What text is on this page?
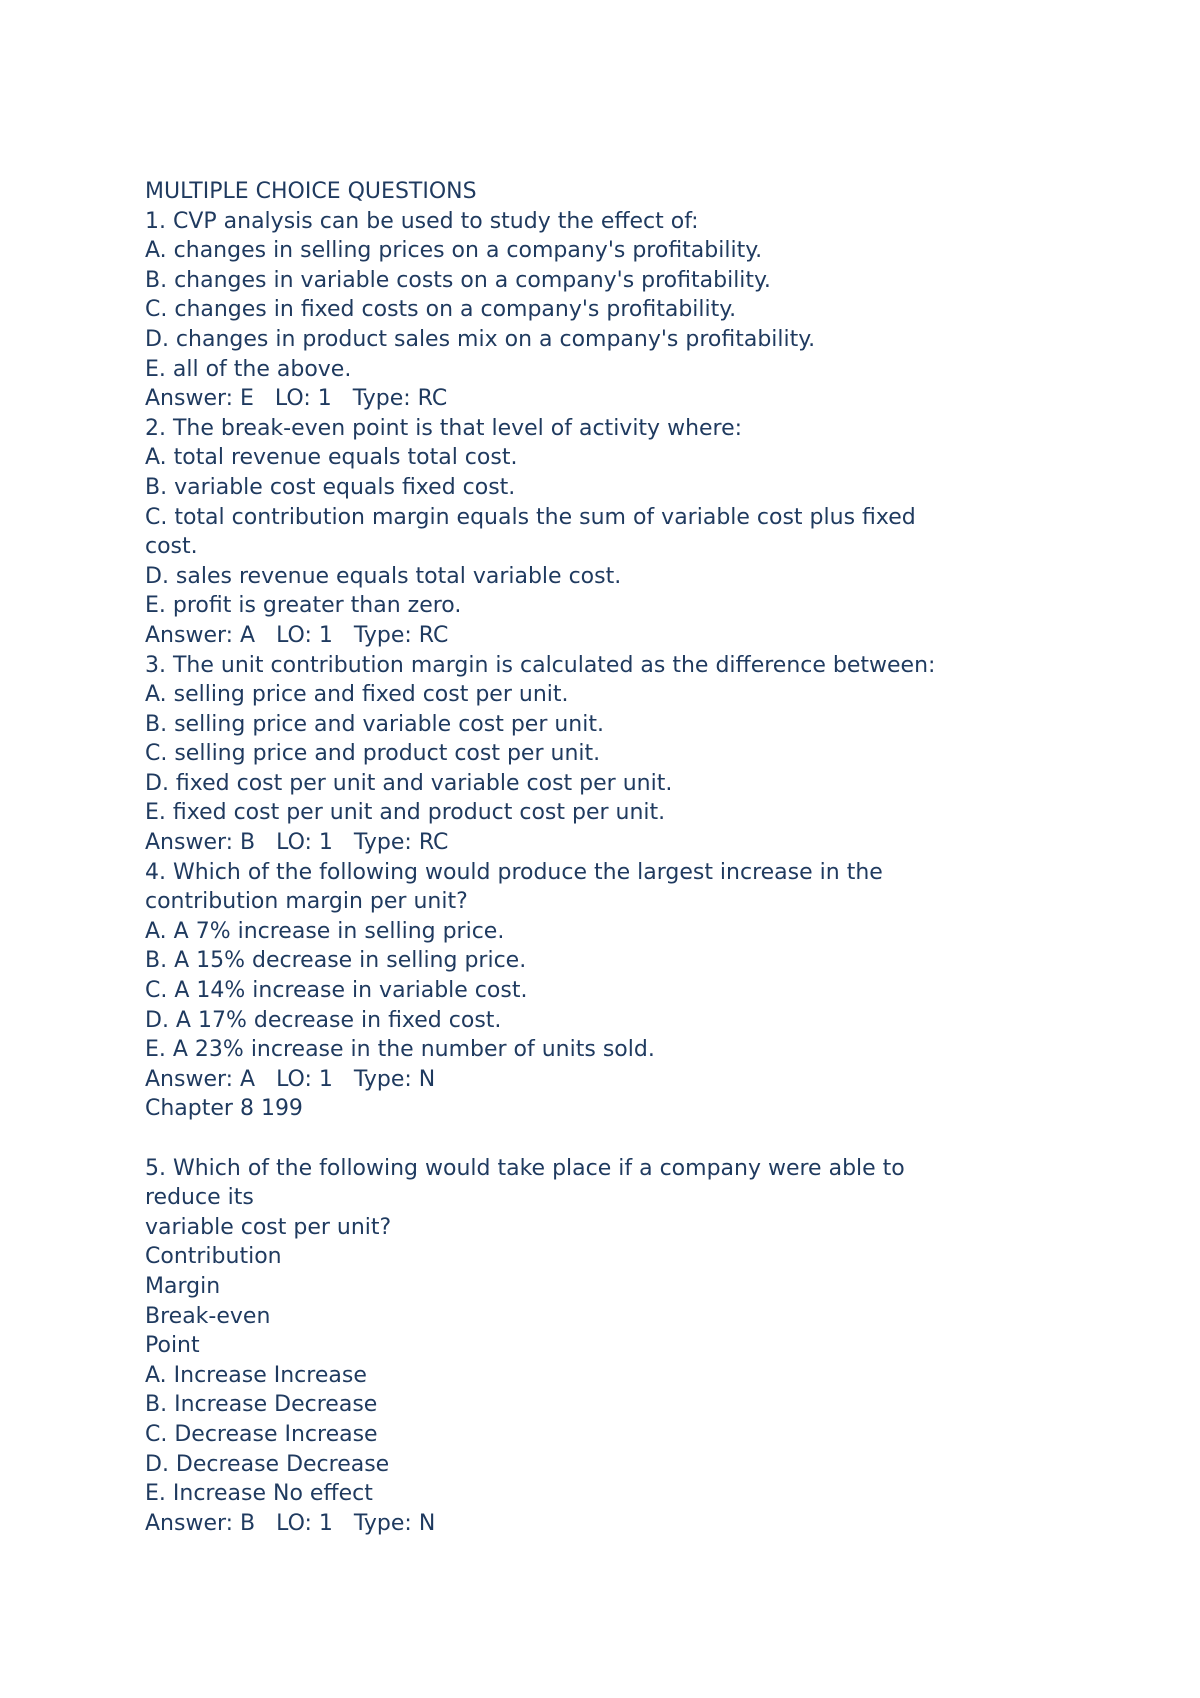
MULTIPLE CHOICE QUESTIONS

1. CVP analysis can be used to study the effect of:

A. changes in selling prices on a company's profitability.

B. changes in variable costs on a company's profitability.

C. changes in fixed costs on a company's profitability.

D. changes in product sales mix on a company's profitability.

E. all of the above.

Answer: E   LO: 1   Type: RC

2. The break-even point is that level of activity where:

A. total revenue equals total cost.

B. variable cost equals fixed cost.

C. total contribution margin equals the sum of variable cost plus fixed

cost.

D. sales revenue equals total variable cost.

E. profit is greater than zero.

Answer: A   LO: 1   Type: RC

3. The unit contribution margin is calculated as the difference between:

A. selling price and fixed cost per unit.

B. selling price and variable cost per unit.

C. selling price and product cost per unit.

D. fixed cost per unit and variable cost per unit.

E. fixed cost per unit and product cost per unit.

Answer: B   LO: 1   Type: RC

4. Which of the following would produce the largest increase in the

contribution margin per unit?

A. A 7% increase in selling price.

B. A 15% decrease in selling price.

C. A 14% increase in variable cost.

D. A 17% decrease in fixed cost.

E. A 23% increase in the number of units sold.

Answer: A   LO: 1   Type: N

Chapter 8 199

5. Which of the following would take place if a company were able to

reduce its

variable cost per unit?

Contribution

Margin

Break-even

Point

A. Increase Increase

B. Increase Decrease

C. Decrease Increase

D. Decrease Decrease

E. Increase No effect

Answer: B   LO: 1   Type: N
